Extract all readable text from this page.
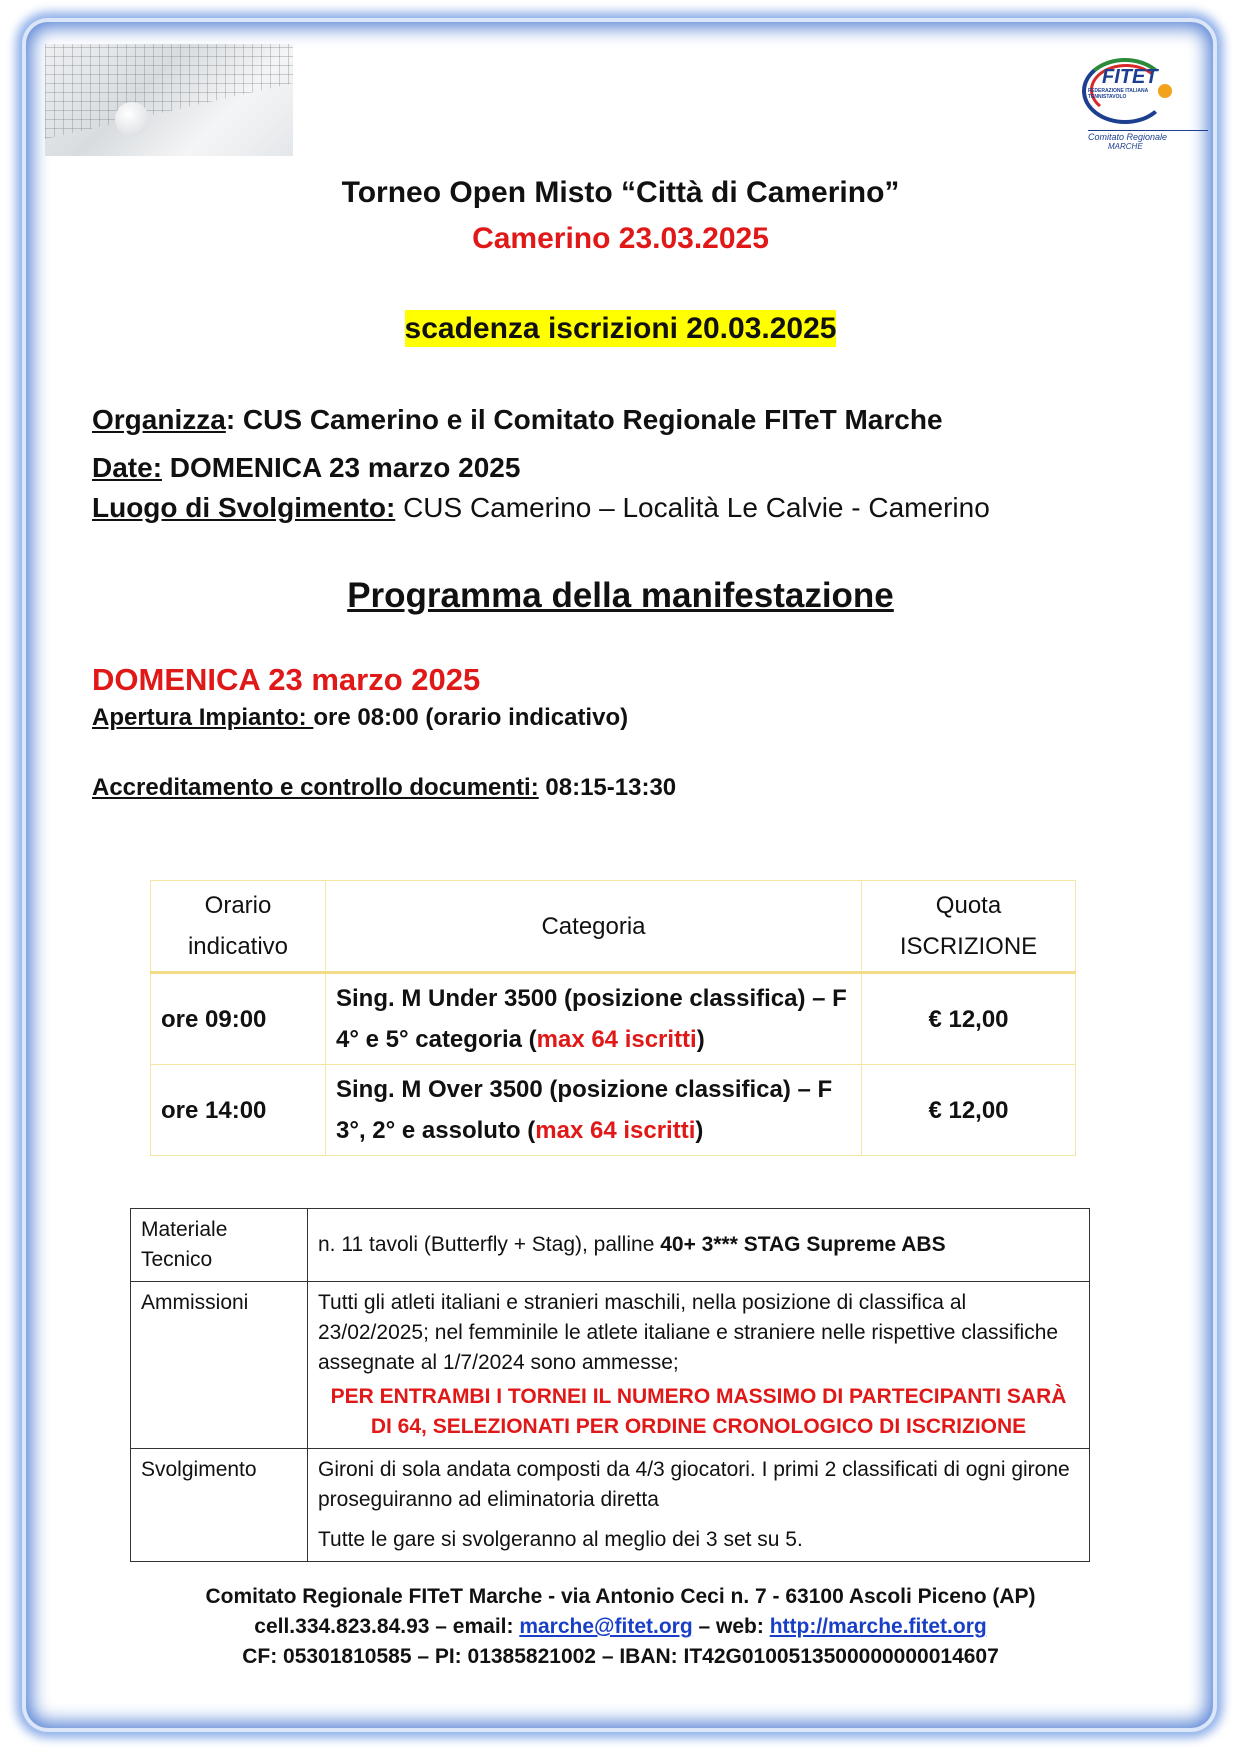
FITET
FEDERAZIONE ITALIANA TENNISTAVOLO
Comitato Regionale
MARCHE
Torneo Open Misto “Città di Camerino”
Camerino 23.03.2025
scadenza iscrizioni 20.03.2025
Organizza: CUS Camerino e il Comitato Regionale FITeT Marche
Date: DOMENICA 23 marzo 2025
Luogo di Svolgimento: CUS Camerino – Località Le Calvie - Camerino
Programma della manifestazione
DOMENICA 23 marzo 2025
Apertura Impianto: ore 08:00 (orario indicativo)
Accreditamento e controllo documenti: 08:15-13:30
Orario indicativo	Categoria	Quota ISCRIZIONE
ore 09:00	Sing. M Under 3500 (posizione classifica) – F 4° e 5° categoria (max 64 iscritti)	€ 12,00
ore 14:00	Sing. M Over 3500 (posizione classifica) – F 3°, 2° e assoluto (max 64 iscritti)	€ 12,00
Materiale Tecnico	n. 11 tavoli (Butterfly + Stag), palline 40+ 3*** STAG Supreme ABS
Ammissioni	Tutti gli atleti italiani e stranieri maschili, nella posizione di classifica al 23/02/2025; nel femminile le atlete italiane e straniere nelle rispettive classifiche assegnate al 1/7/2024 sono ammesse;
PER ENTRAMBI I TORNEI IL NUMERO MASSIMO DI PARTECIPANTI SARÀ DI 64, SELEZIONATI PER ORDINE CRONOLOGICO DI ISCRIZIONE

Svolgimento	Gironi di sola andata composti da 4/3 giocatori. I primi 2 classificati di ogni girone proseguiranno ad eliminatoria diretta
Tutte le gare si svolgeranno al meglio dei 3 set su 5.
Comitato Regionale FITeT Marche - via Antonio Ceci n. 7 - 63100 Ascoli Piceno (AP)
cell.334.823.84.93 – email: marche@fitet.org – web: http://marche.fitet.org
CF: 05301810585 – PI: 01385821002 – IBAN: IT42G0100513500000000014607
